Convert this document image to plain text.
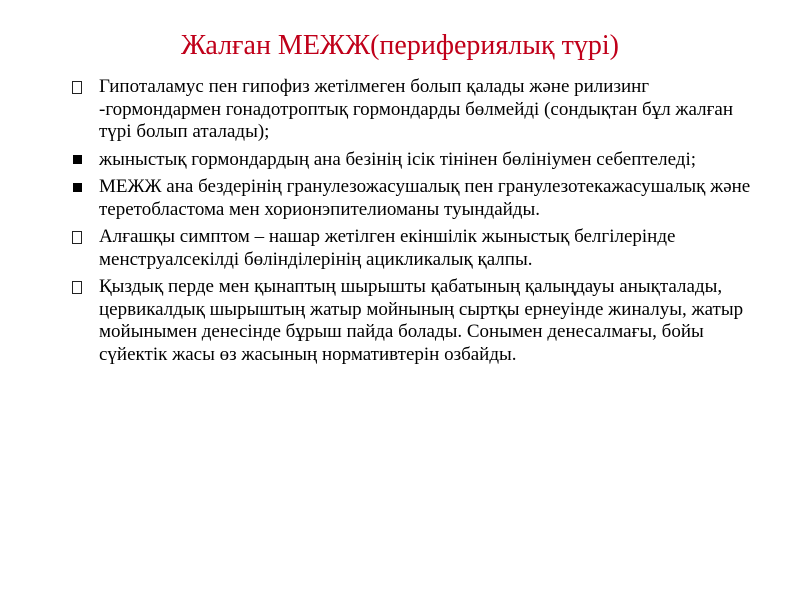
Жалған МЕЖЖ(перифериялық түрі)
Гипоталамус пен гипофиз жетілмеген болып қалады және рилизинг -гормондармен гонадотроптық гормондарды бөлмейді (сондықтан бұл жалған түрі болып аталады);
жыныстық гормондардың ана безінің ісік тінінен бөлініумен себептеледі;
МЕЖЖ ана бездерінің гранулезожасушалық пен гранулезотекажасушалық және теретобластома мен хорионэпителиоманы туындайды.
Алғашқы симптом – нашар жетілген екіншілік жыныстық белгілерінде менструалсекілді бөлінділерінің ацикликалық қалпы.
Қыздық перде мен қынаптың шырышты қабатының қалыңдауы анықталады, цервикалдық шырыштың жатыр мойнының сыртқы ернеуінде жиналуы, жатыр мойынымен денесінде бұрыш пайда болады. Сонымен денесалмағы, бойы сүйектік жасы өз жасының нормативтерін озбайды.
